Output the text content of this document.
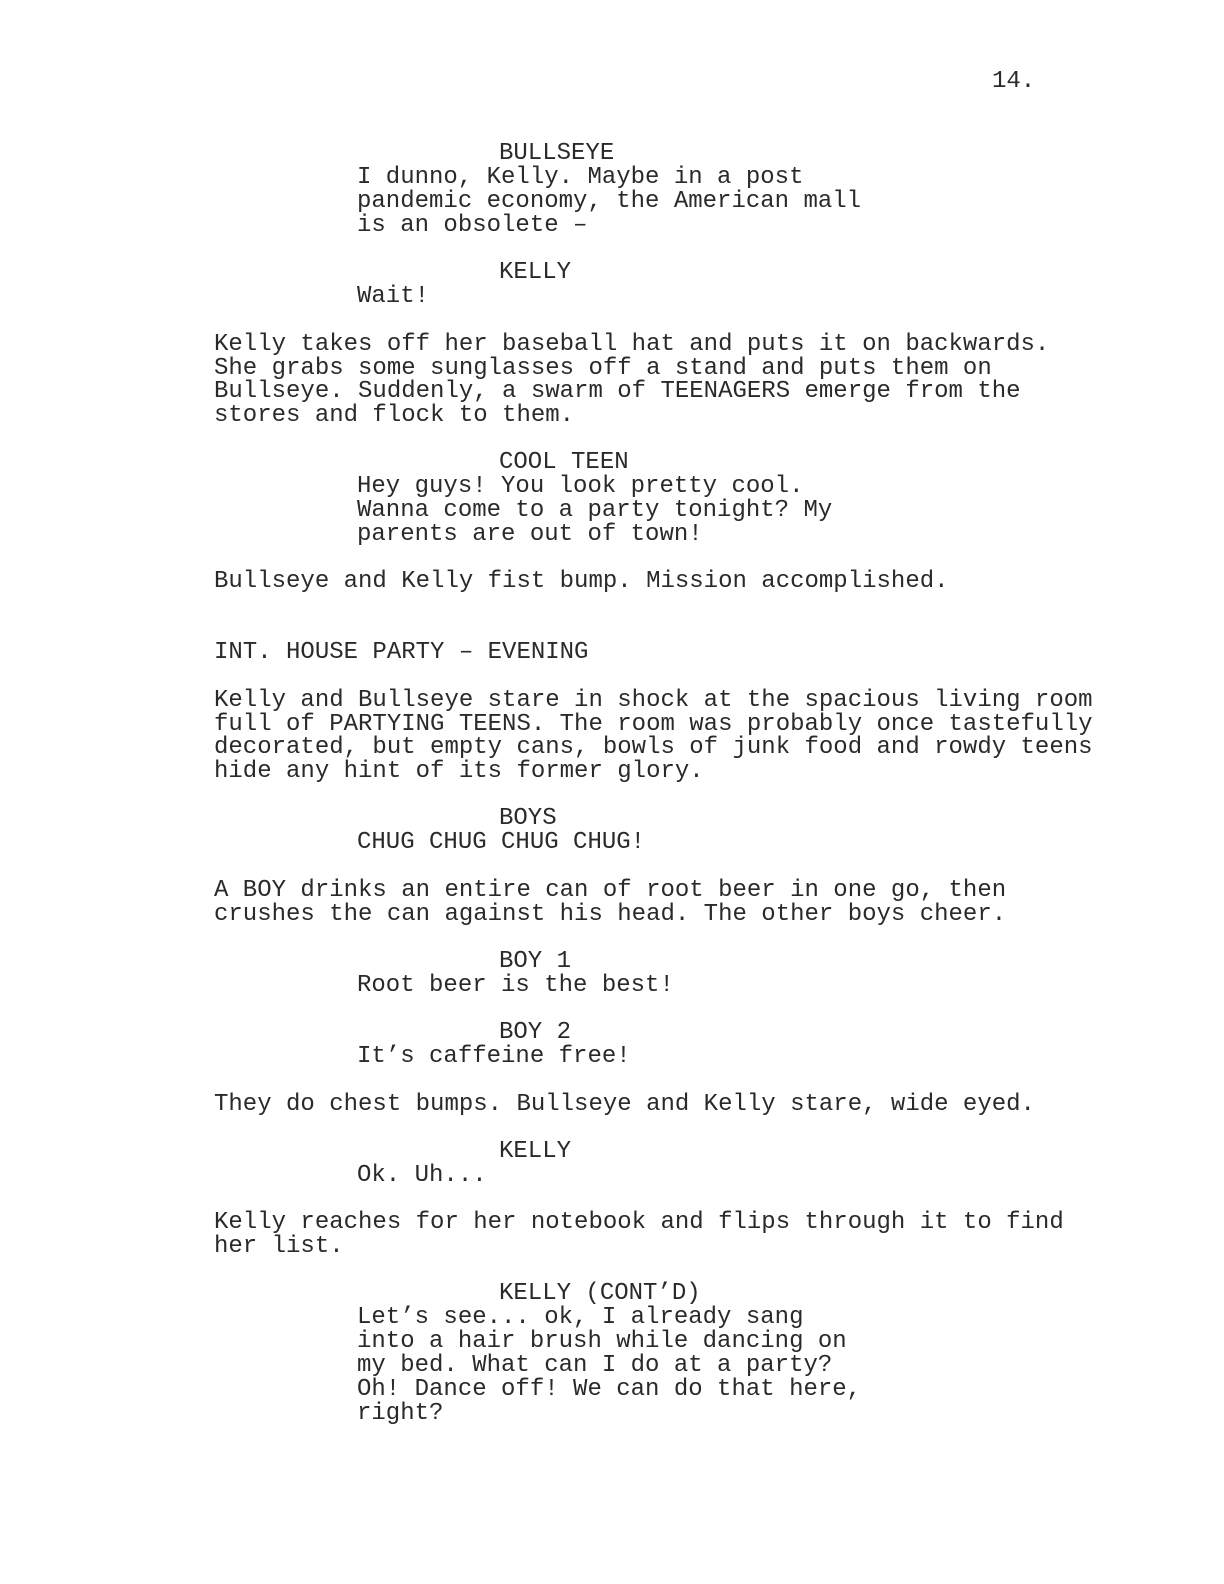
14.
BULLSEYE
I dunno, Kelly. Maybe in a post
pandemic economy, the American mall
is an obsolete –
KELLY
Wait!
Kelly takes off her baseball hat and puts it on backwards.
She grabs some sunglasses off a stand and puts them on
Bullseye. Suddenly, a swarm of TEENAGERS emerge from the
stores and flock to them.
COOL TEEN
Hey guys! You look pretty cool.
Wanna come to a party tonight? My
parents are out of town!
Bullseye and Kelly fist bump. Mission accomplished.
INT. HOUSE PARTY – EVENING
Kelly and Bullseye stare in shock at the spacious living room
full of PARTYING TEENS. The room was probably once tastefully
decorated, but empty cans, bowls of junk food and rowdy teens
hide any hint of its former glory.
BOYS
CHUG CHUG CHUG CHUG!
A BOY drinks an entire can of root beer in one go, then
crushes the can against his head. The other boys cheer.
BOY 1
Root beer is the best!
BOY 2
It’s caffeine free!
They do chest bumps. Bullseye and Kelly stare, wide eyed.
KELLY
Ok. Uh...
Kelly reaches for her notebook and flips through it to find
her list.
KELLY (CONT’D)
Let’s see... ok, I already sang
into a hair brush while dancing on
my bed. What can I do at a party?
Oh! Dance off! We can do that here,
right?
